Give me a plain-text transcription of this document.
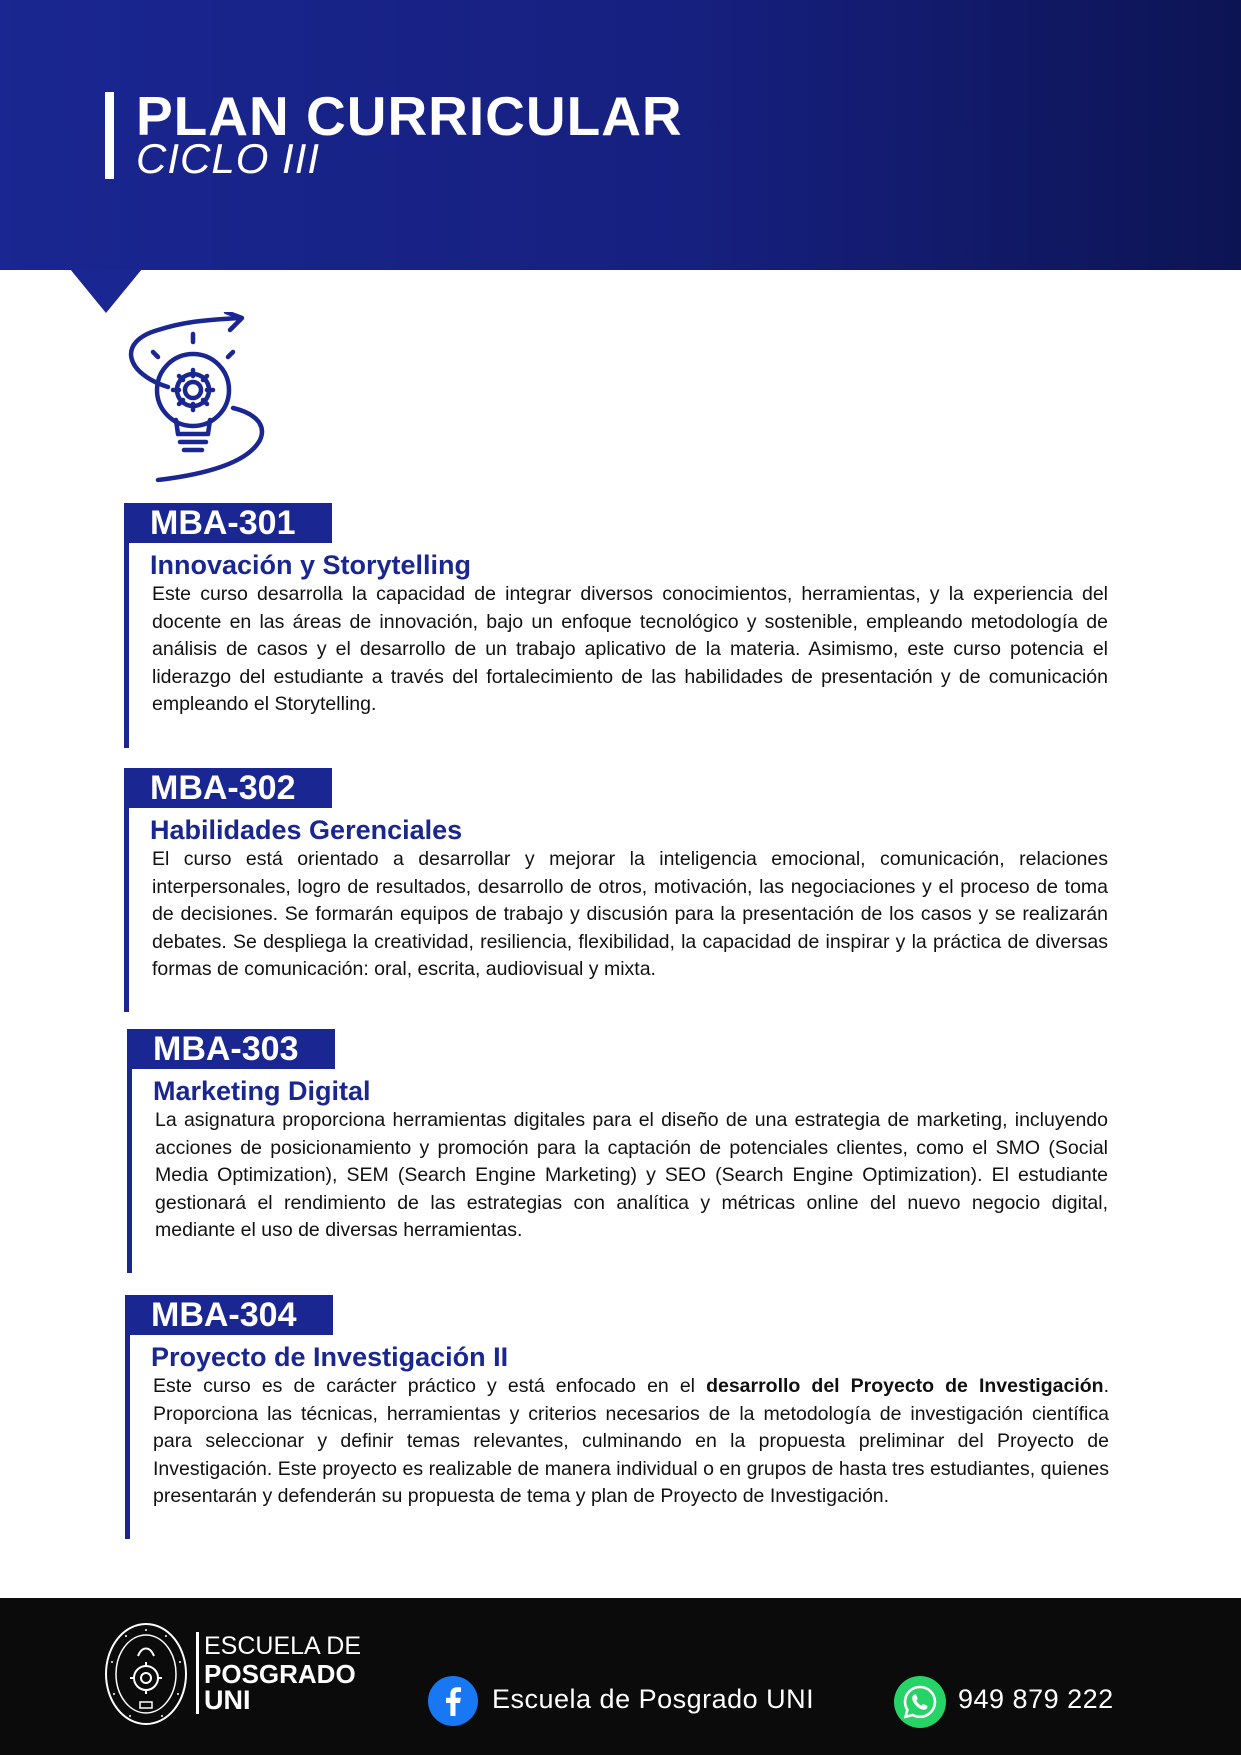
PLAN CURRICULAR
CICLO III
MBA-301
Innovación y Storytelling

Este curso desarrolla la capacidad de integrar diversos conocimientos, herramientas, y la experiencia del docente en las áreas de innovación, bajo un enfoque tecnológico y sostenible, empleando metodología de análisis de casos y el desarrollo de un trabajo aplicativo de la materia. Asimismo, este curso potencia el liderazgo del estudiante a través del fortalecimiento de las habilidades de presentación y de comunicación empleando el Storytelling.

MBA-302
Habilidades Gerenciales

El curso está orientado a desarrollar y mejorar la inteligencia emocional, comunicación, relaciones interpersonales, logro de resultados, desarrollo de otros, motivación, las negociaciones y el proceso de toma de decisiones. Se formarán equipos de trabajo y discusión para la presentación de los casos y se realizarán debates. Se despliega la creatividad, resiliencia, flexibilidad, la capacidad de inspirar y la práctica de diversas formas de comunicación: oral, escrita, audiovisual y mixta.

MBA-303
Marketing Digital

La asignatura proporciona herramientas digitales para el diseño de una estrategia de marketing, incluyendo acciones de posicionamiento y promoción para la captación de potenciales clientes, como el SMO (Social Media Optimization), SEM (Search Engine Marketing) y SEO (Search Engine Optimization). El estudiante gestionará el rendimiento de las estrategias con analítica y métricas online del nuevo negocio digital, mediante el uso de diversas herramientas.

MBA-304
Proyecto de Investigación II

Este curso es de carácter práctico y está enfocado en el desarrollo del Proyecto de Investigación. Proporciona las técnicas, herramientas y criterios necesarios de la metodología de investigación científica para seleccionar y definir temas relevantes, culminando en la propuesta preliminar del Proyecto de Investigación. Este proyecto es realizable de manera individual o en grupos de hasta tres estudiantes, quienes presentarán y defenderán su propuesta de tema y plan de Proyecto de Investigación.

ESCUELA DE
POSGRADO
UNI	Escuela de Posgrado UNI	949 879 222
